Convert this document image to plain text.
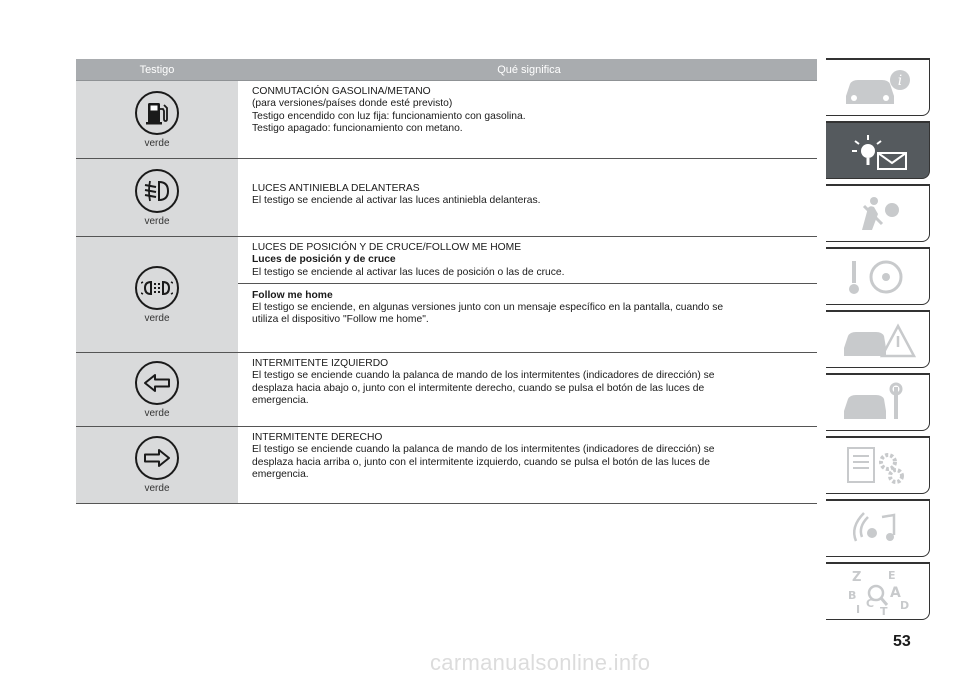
Testigo	Qué significa
verde
CONMUTACIÓN GASOLINA/METANO
(para versiones/países donde esté previsto)
Testigo encendido con luz fija: funcionamiento con gasolina.
Testigo apagado: funcionamiento con metano.
verde
LUCES ANTINIEBLA DELANTERAS
El testigo se enciende al activar las luces antiniebla delanteras.
verde
LUCES DE POSICIÓN Y DE CRUCE/FOLLOW ME HOME
Luces de posición y de cruce
El testigo se enciende al activar las luces de posición o las de cruce.
Follow me home
El testigo se enciende, en algunas versiones junto con un mensaje específico en la pantalla, cuando se
utiliza el dispositivo "Follow me home".
verde
INTERMITENTE IZQUIERDO
El testigo se enciende cuando la palanca de mando de los intermitentes (indicadores de dirección) se
desplaza hacia abajo o, junto con el intermitente derecho, cuando se pulsa el botón de las luces de
emergencia.
verde
INTERMITENTE DERECHO
El testigo se enciende cuando la palanca de mando de los intermitentes (indicadores de dirección) se
desplaza hacia arriba o, junto con el intermitente izquierdo, cuando se pulsa el botón de las luces de
emergencia.
i
Z E
A
B
C D
I T
53
carmanualsonline.info
